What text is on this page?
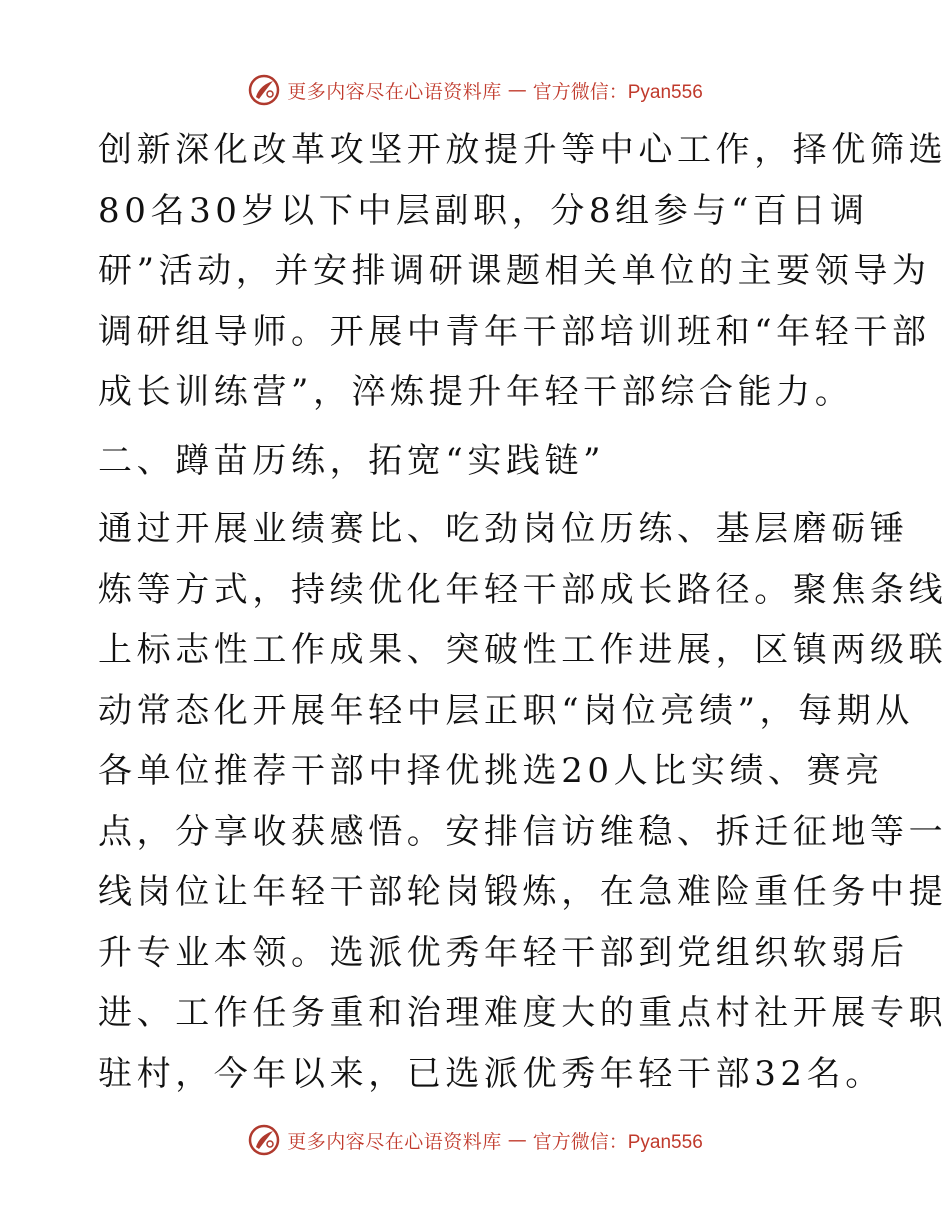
更多内容尽在心语资料库 — 官方微信：Pyan556
创新深化改革攻坚开放提升等中心工作，择优筛选
80名30岁以下中层副职，分8组参与“百日调
研”活动，并安排调研课题相关单位的主要领导为
调研组导师。开展中青年干部培训班和“年轻干部
成长训练营”，淬炼提升年轻干部综合能力。
二、蹲苗历练，拓宽“实践链”
通过开展业绩赛比、吃劲岗位历练、基层磨砺锤
炼等方式，持续优化年轻干部成长路径。聚焦条线
上标志性工作成果、突破性工作进展，区镇两级联
动常态化开展年轻中层正职“岗位亮绩”，每期从
各单位推荐干部中择优挑选20人比实绩、赛亮
点，分享收获感悟。安排信访维稳、拆迁征地等一
线岗位让年轻干部轮岗锻炼，在急难险重任务中提
升专业本领。选派优秀年轻干部到党组织软弱后
进、工作任务重和治理难度大的重点村社开展专职
驻村，今年以来，已选派优秀年轻干部32名。
更多内容尽在心语资料库 — 官方微信：Pyan556
